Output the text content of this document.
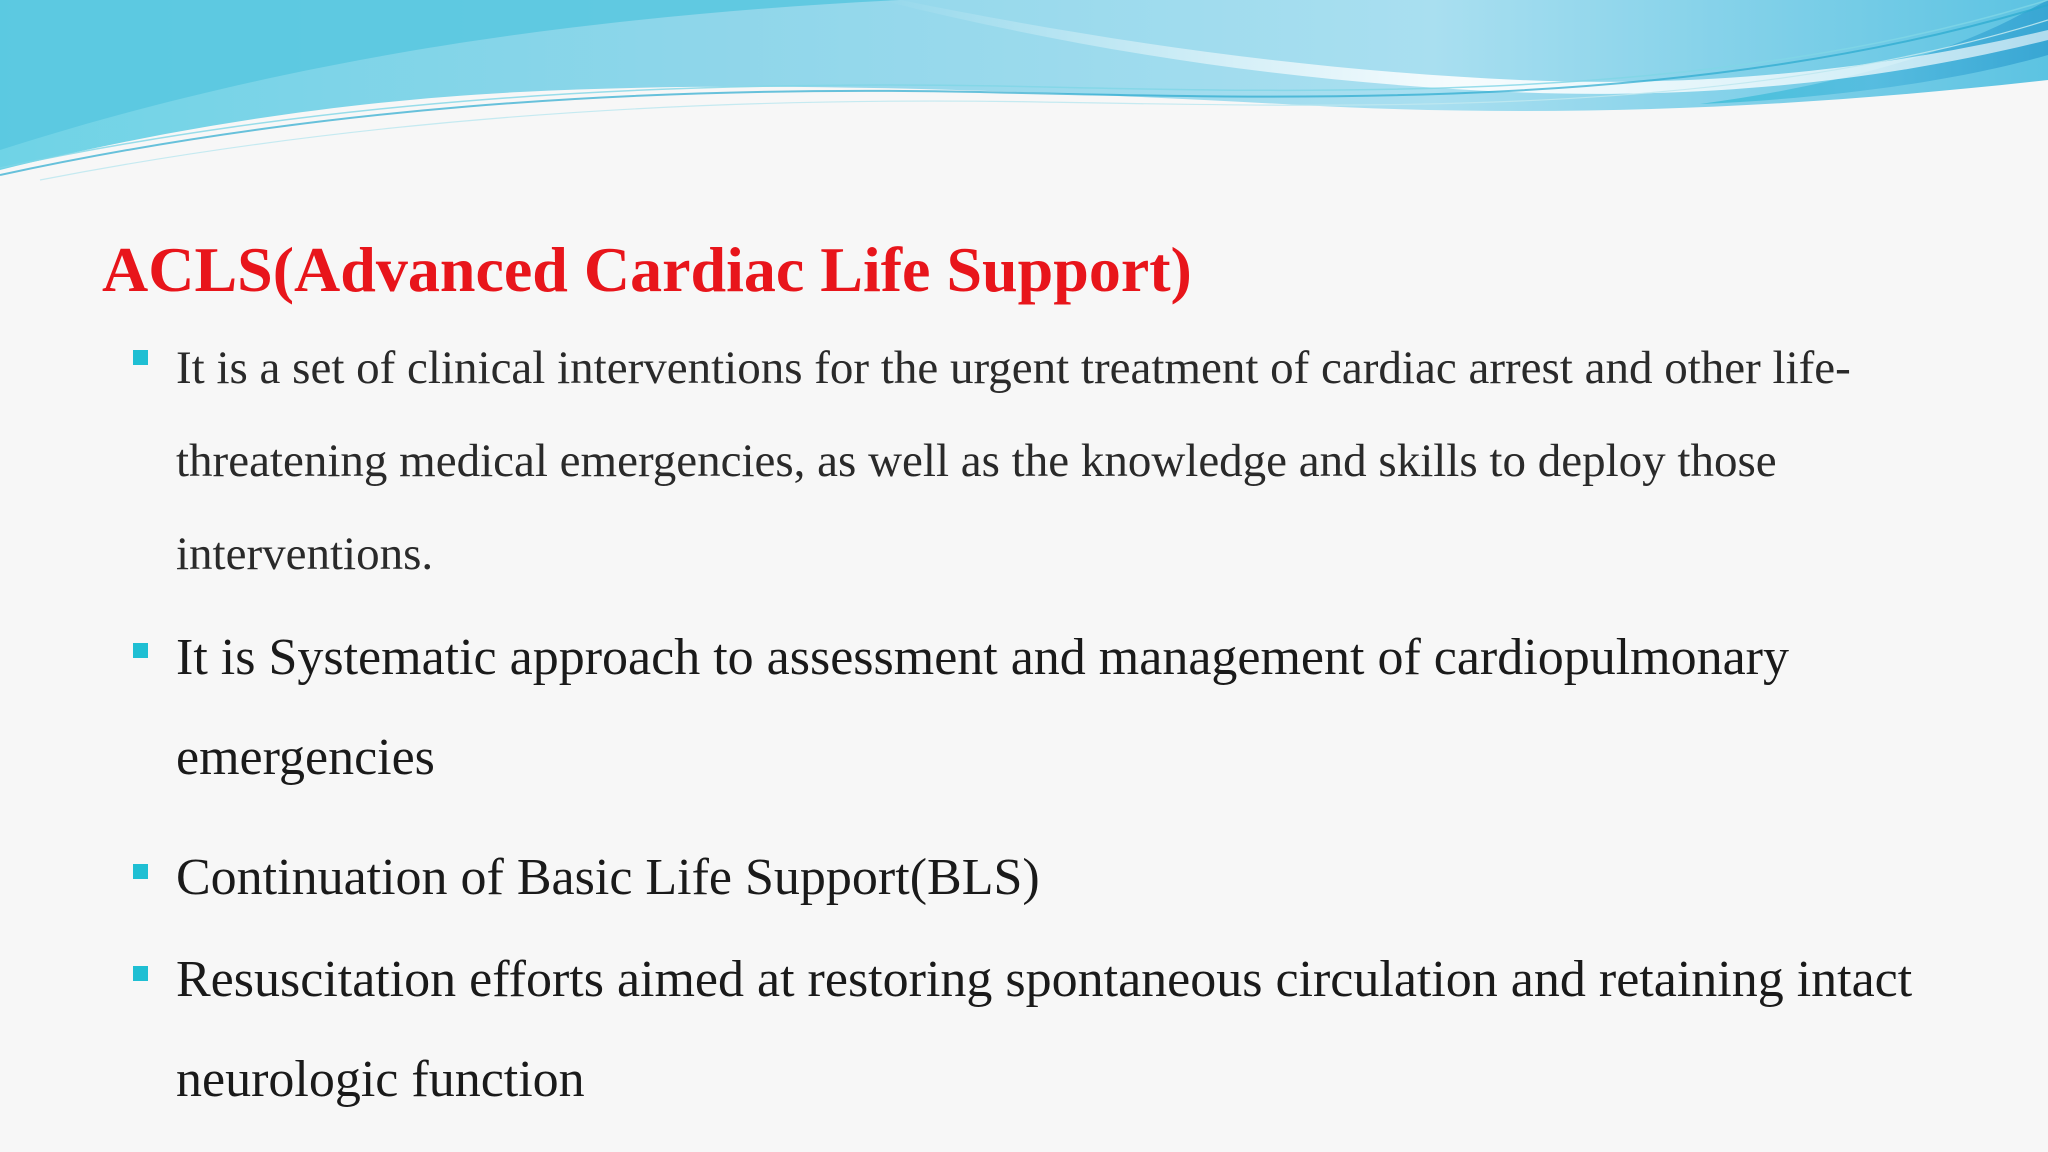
ACLS(Advanced Cardiac Life Support)

It is a set of clinical interventions for the urgent treatment of cardiac arrest and other life-threatening medical emergencies, as well as the knowledge and skills to deploy those interventions.

It is Systematic approach to assessment and management of cardiopulmonary emergencies

Continuation of Basic Life Support(BLS)

Resuscitation efforts aimed at restoring spontaneous circulation and retaining intact neurologic function
